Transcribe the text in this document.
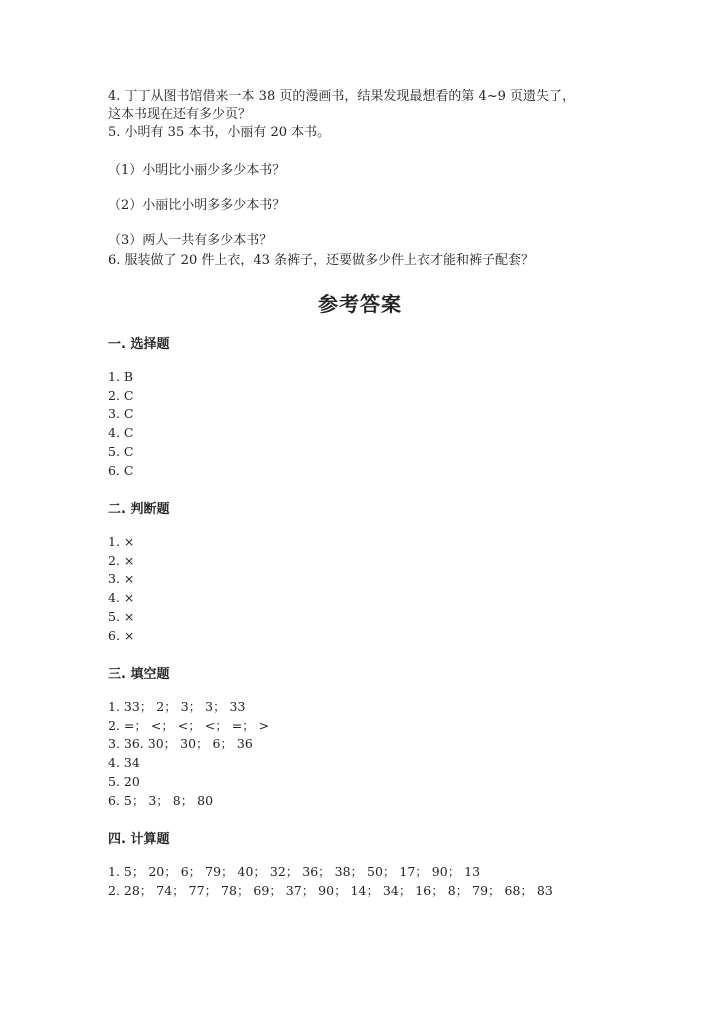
4. 丁丁从图书馆借来一本 38 页的漫画书，结果发现最想看的第 4~9 页遗失了，
这本书现在还有多少页？
5. 小明有 35 本书，小丽有 20 本书。
（1）小明比小丽少多少本书？
（2）小丽比小明多多少本书？
（3）两人一共有多少本书？
6. 服装做了 20 件上衣，43 条裤子，还要做多少件上衣才能和裤子配套？
参考答案
一. 选择题
1. B
2. C
3. C
4. C
5. C
6. C
二. 判断题
1. ×
2. ×
3. ×
4. ×
5. ×
6. ×
三. 填空题
1. 33； 2； 3； 3； 33
2. =； <； <； <； =； >
3. 36. 30； 30； 6； 36
4. 34
5. 20
6. 5； 3； 8； 80
四. 计算题
1. 5； 20； 6； 79； 40； 32； 36； 38； 50； 17； 90； 13
2. 28； 74； 77； 78； 69； 37； 90； 14； 34； 16； 8； 79； 68； 83
